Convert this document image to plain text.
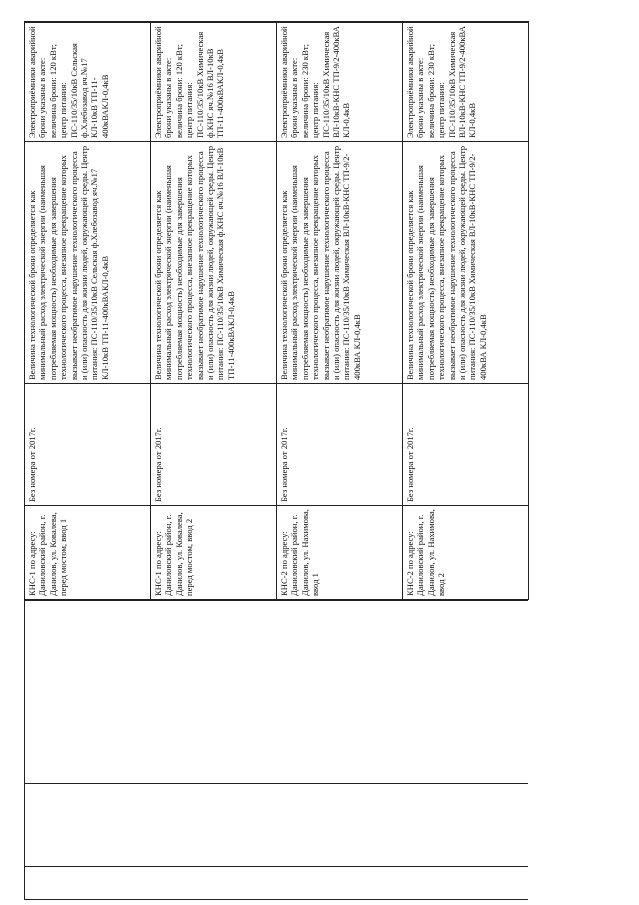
КНС-1 по адресу: Даниловский район, г. Данилов, ул. Ковалева, перед мостом, ввод 1	Без номера от 2017г.	Величина технологической брони определяется как минимальный расход электрической энергии (наименьшая потребляемая мощность) необходимые для завершения технологического процесса, внезапное прекращение которых вызывает необратимое нарушение технологического процесса и (или) опасность для жизни людей, окружающей среды. Центр питания: ПС-110/35/10кВ Сельская ф.Хлебозавод яч.№17 КЛ-10кВ ТП-11-400кВАКЛ-0,4кВ	Электроприёмники аварийной брони указаны в акте: величина брони: 120 кВт; центр питания: ПС-110/35/10кВ Сельская ф.Хлебозавод яч.№17 КЛ-10кВ ТП-11-400кВАКЛ-0,4кВ
КНС-1 по адресу: Даниловский район, г. Данилов, ул. Ковалева, перед мостом, ввод 2	Без номера от 2017г.	Величина технологической брони определяется как минимальный расход электрической энергии (наименьшая потребляемая мощность) необходимые для завершения технологического процесса, внезапное прекращение которых вызывает необратимое нарушение технологического процесса и (или) опасность для жизни людей, окружающей среды. Центр питания: ПС-110/35/10кВ Химическая ф.КНС яч.№16 ВЛ-10кВ ТП-11-400кВАКЛ-0,4кВ	Электроприёмники аварийной брони указаны в акте: величина брони: 120 кВт; центр питания: ПС-110/35/10кВ Химическая ф.КНС яч.№16 ВЛ-10кВ ТП-11-400кВАКЛ-0,4кВ
КНС-2 по адресу: Даниловский район, г. Данилов, ул. Нахимова, ввод 1	Без номера от 2017г.	Величина технологической брони определяется как минимальный расход электрической энергии (наименьшая потребляемая мощность) необходимые для завершения технологического процесса, внезапное прекращение которых вызывает необратимое нарушение технологического процесса и (или) опасность для жизни людей, окружающей среды. Центр питания: ПС-110/35/10кВ Химическая ВЛ-10кВ-КНС ТП-9/2-400кВА КЛ-0,4кВ	Электроприёмники аварийной брони указаны в акте: величина брони: 230 кВт; центр питания: ПС-110/35/10кВ Химическая ВЛ-10кВ-КНС ТП-9/2-400кВА КЛ-0,4кВ
КНС-2 по адресу: Даниловский район, г. Данилов, ул. Нахимова, ввод 2	Без номера от 2017г.	Величина технологической брони определяется как минимальный расход электрической энергии (наименьшая потребляемая мощность) необходимые для завершения технологического процесса, внезапное прекращение которых вызывает необратимое нарушение технологического процесса и (или) опасность для жизни людей, окружающей среды. Центр питания: ПС-110/35/10кВ Химическая ВЛ-10кВ-КНС ТП-9/2-400кВА КЛ-0,4кВ	Электроприёмники аварийной брони указаны в акте: величина брони: 230 кВт; центр питания: ПС-110/35/10кВ Химическая ВЛ-10кВ-КНС ТП-9/2-400кВА КЛ-0,4кВ
